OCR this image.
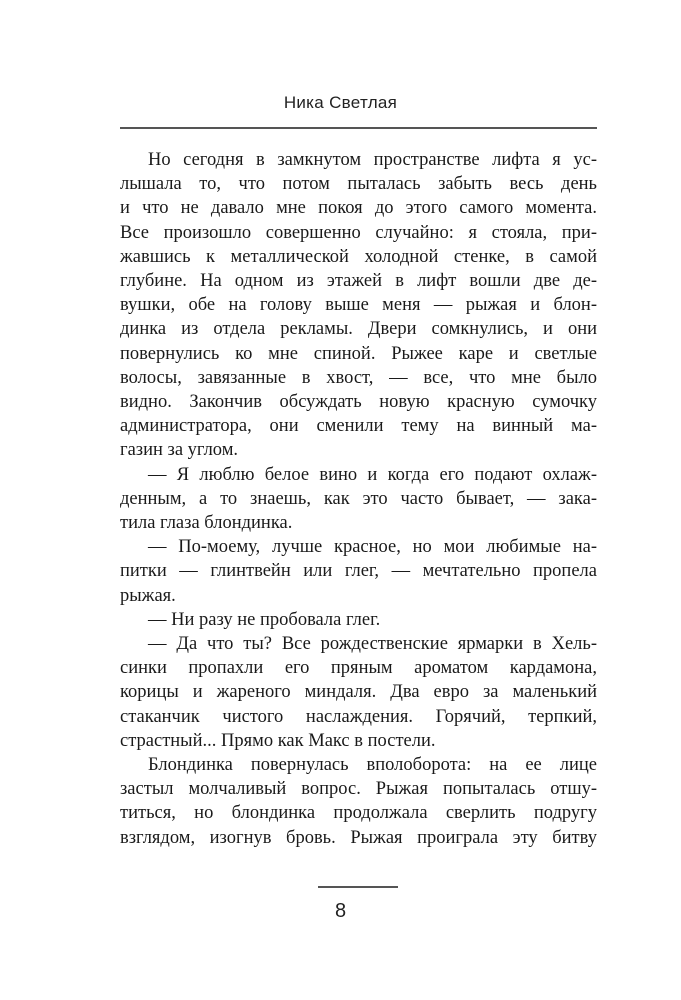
Ника Светлая
Но сегодня в замкнутом пространстве лифта я ус-
лышала то, что потом пыталась забыть весь день
и что не давало мне покоя до этого самого момента.
Все произошло совершенно случайно: я стояла, при-
жавшись к металлической холодной стенке, в самой
глубине. На одном из этажей в лифт вошли две де-
вушки, обе на голову выше меня — рыжая и блон-
динка из отдела рекламы. Двери сомкнулись, и они
повернулись ко мне спиной. Рыжее каре и светлые
волосы, завязанные в хвост, — все, что мне было
видно. Закончив обсуждать новую красную сумочку
администратора, они сменили тему на винный ма-
газин за углом.
— Я люблю белое вино и когда его подают охлаж-
денным, а то знаешь, как это часто бывает, — зака-
тила глаза блондинка.
— По-моему, лучше красное, но мои любимые на-
питки — глинтвейн или глег, — мечтательно пропела
рыжая.
— Ни разу не пробовала глег.
— Да что ты? Все рождественские ярмарки в Хель-
синки пропахли его пряным ароматом кардамона,
корицы и жареного миндаля. Два евро за маленький
стаканчик чистого наслаждения. Горячий, терпкий,
страстный... Прямо как Макс в постели.
Блондинка повернулась вполоборота: на ее лице
застыл молчаливый вопрос. Рыжая попыталась отшу-
титься, но блондинка продолжала сверлить подругу
взглядом, изогнув бровь. Рыжая проиграла эту битву
8
